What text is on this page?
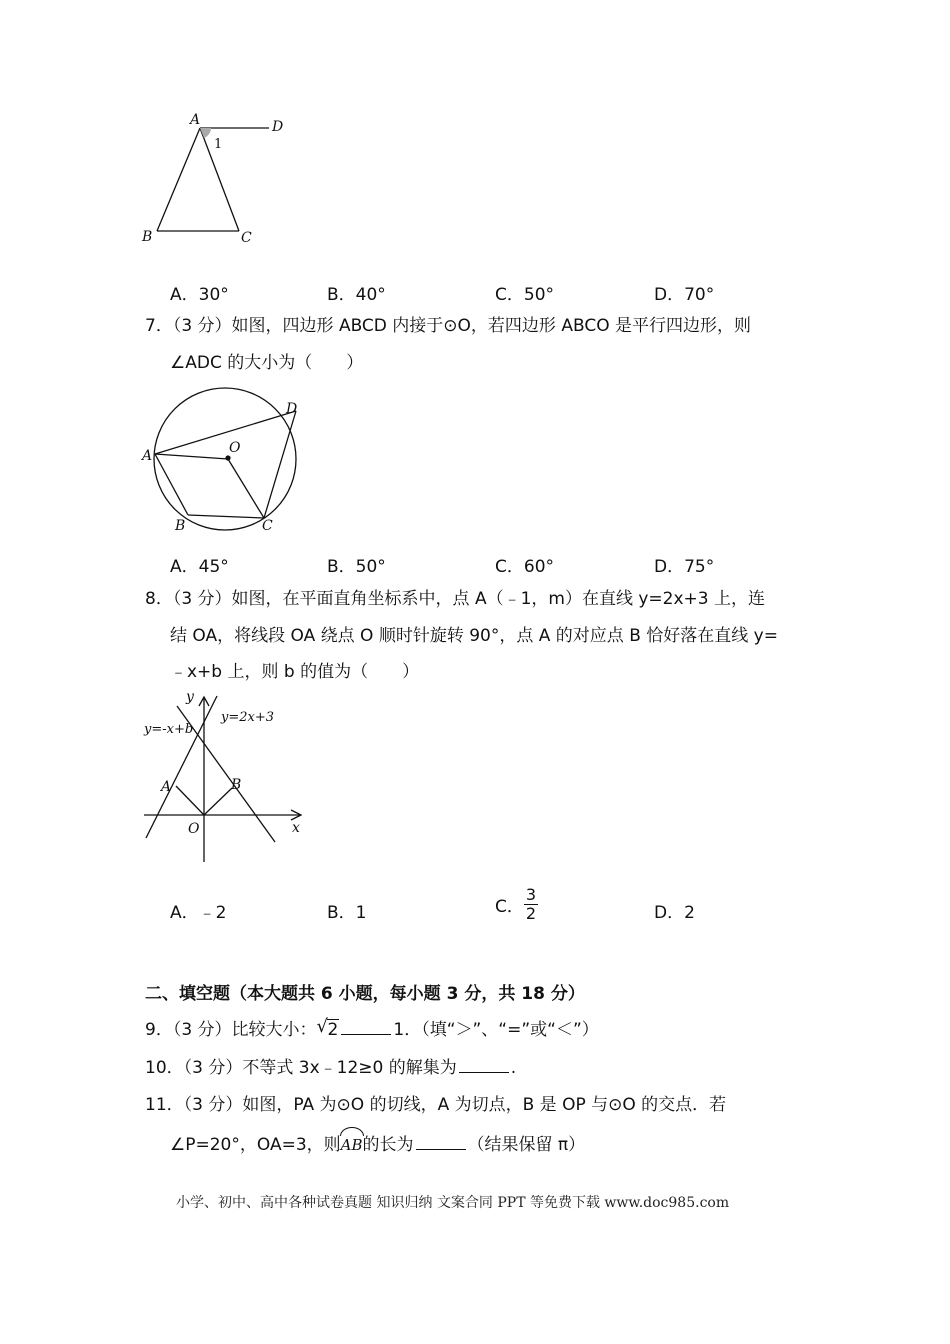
A	D
B	C
1
A．30°	B．40°	C．50°	D．70°
7．（3 分）如图，四边形 ABCD 内接于⊙O，若四边形 ABCO 是平行四边形，则
∠ADC 的大小为（　　）
A
B	C
D
O
A．45°	B．50°	C．60°	D．75°
8．（3 分）如图，在平面直角坐标系中，点 A（﹣1，m）在直线 y=2x+3 上，连
结 OA，将线段 OA 绕点 O 顺时针旋转 90°，点 A 的对应点 B 恰好落在直线 y=
﹣x+b 上，则 b 的值为（　　）
y
x
O
A	B
y=-x+b
y=2x+3
A．﹣2	B．1	C． $\frac{3}{2}$	D．2
二、填空题（本大题共 6 小题，每小题 3 分，共 18 分）
9．（3 分）比较大小： √ 2	1．（填“＞”、“=”或“＜”）
10．（3 分）不等式 3x﹣12≥0 的解集为	.
11．（3 分）如图，PA 为⊙O 的切线，A 为切点，B 是 OP 与⊙O 的交点．若
∠P=20°，OA=3，则
AB的长为	（结果保留 π）
小学、初中、高中各种试卷真题 知识归纳 文案合同 PPT 等免费下载 www.doc985.com
